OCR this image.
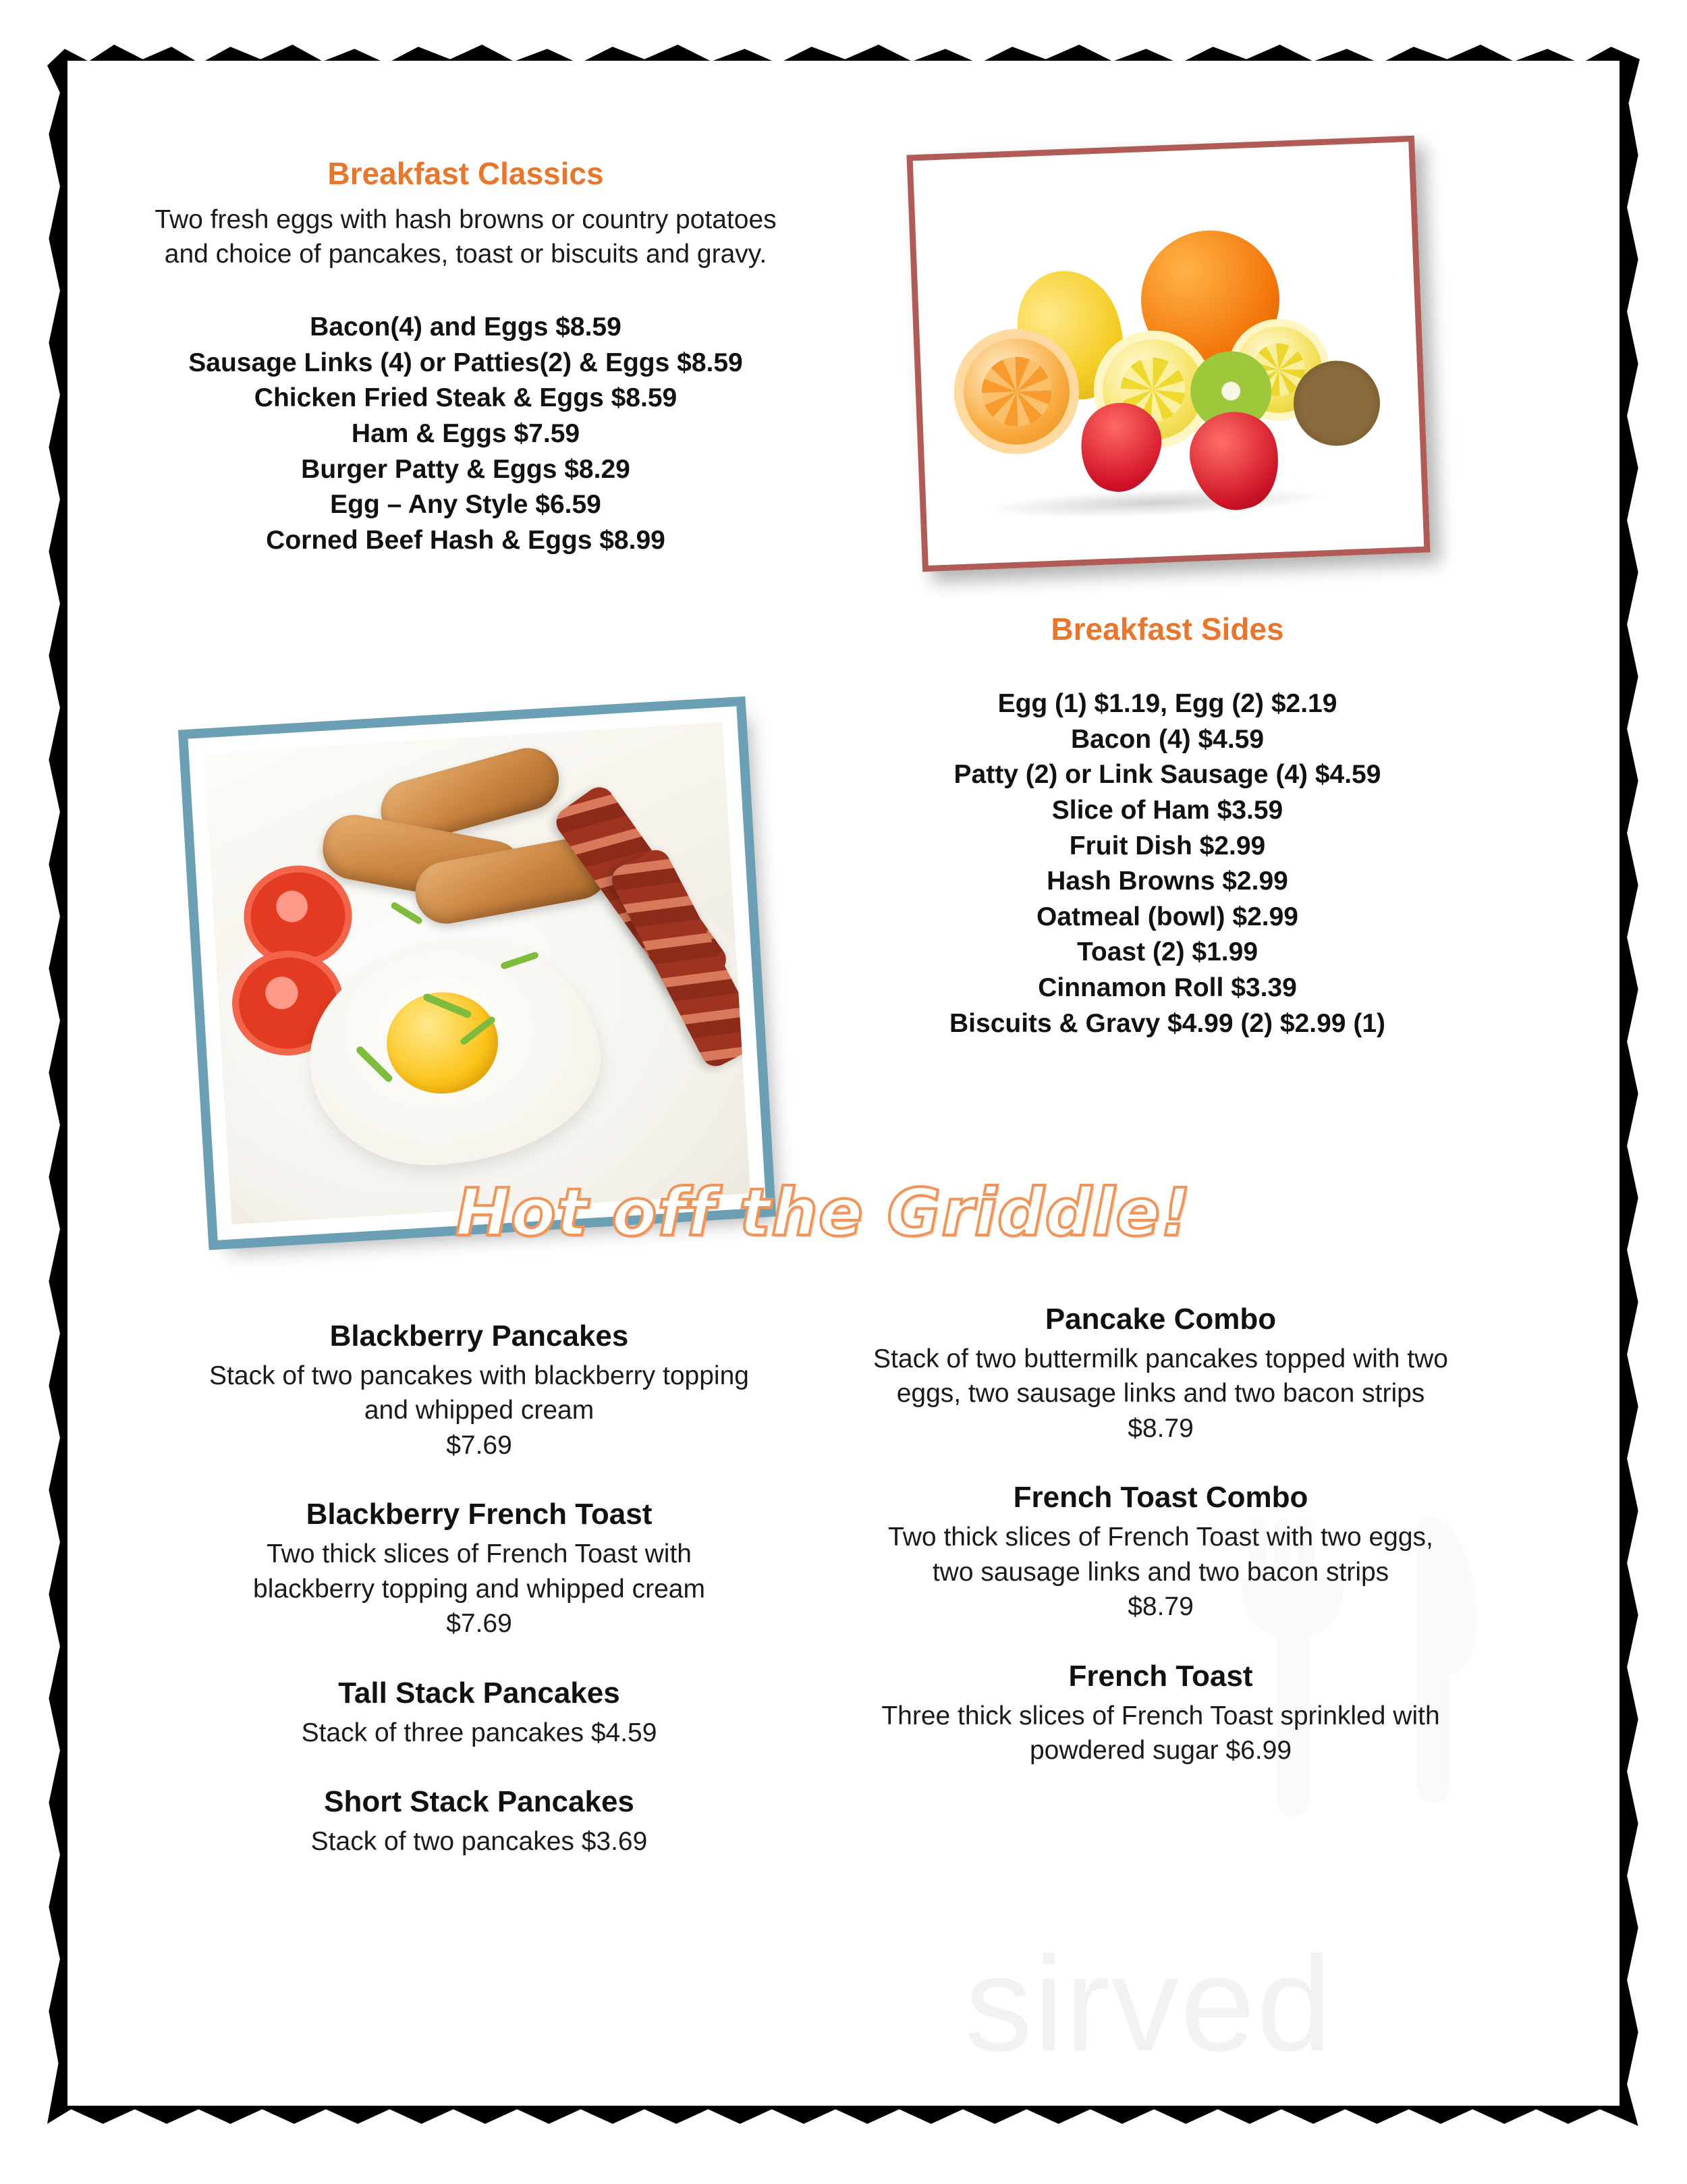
sirved
Breakfast Classics
Two fresh eggs with hash browns or country potatoes and choice of pancakes, toast or biscuits and gravy.
Bacon(4) and Eggs $8.59
Sausage Links (4) or Patties(2) & Eggs $8.59
Chicken Fried Steak & Eggs $8.59
Ham & Eggs $7.59
Burger Patty & Eggs $8.29
Egg – Any Style $6.59
Corned Beef Hash & Eggs $8.99
Breakfast Sides
Egg (1) $1.19, Egg (2) $2.19
Bacon (4) $4.59
Patty (2) or Link Sausage (4) $4.59
Slice of Ham $3.59
Fruit Dish $2.99
Hash Browns $2.99
Oatmeal (bowl) $2.99
Toast (2) $1.99
Cinnamon Roll $3.39
Biscuits & Gravy $4.99 (2) $2.99 (1)
Hot off the Griddle!
Blackberry Pancakes
Stack of two pancakes with blackberry topping and whipped cream
$7.69
Blackberry French Toast
Two thick slices of French Toast with blackberry topping and whipped cream
$7.69
Tall Stack Pancakes
Stack of three pancakes $4.59
Short Stack Pancakes
Stack of two pancakes $3.69
Pancake Combo
Stack of two buttermilk pancakes topped with two eggs, two sausage links and two bacon strips
$8.79
French Toast Combo
Two thick slices of French Toast with two eggs, two sausage links and two bacon strips
$8.79
French Toast
Three thick slices of French Toast sprinkled with powdered sugar $6.99
